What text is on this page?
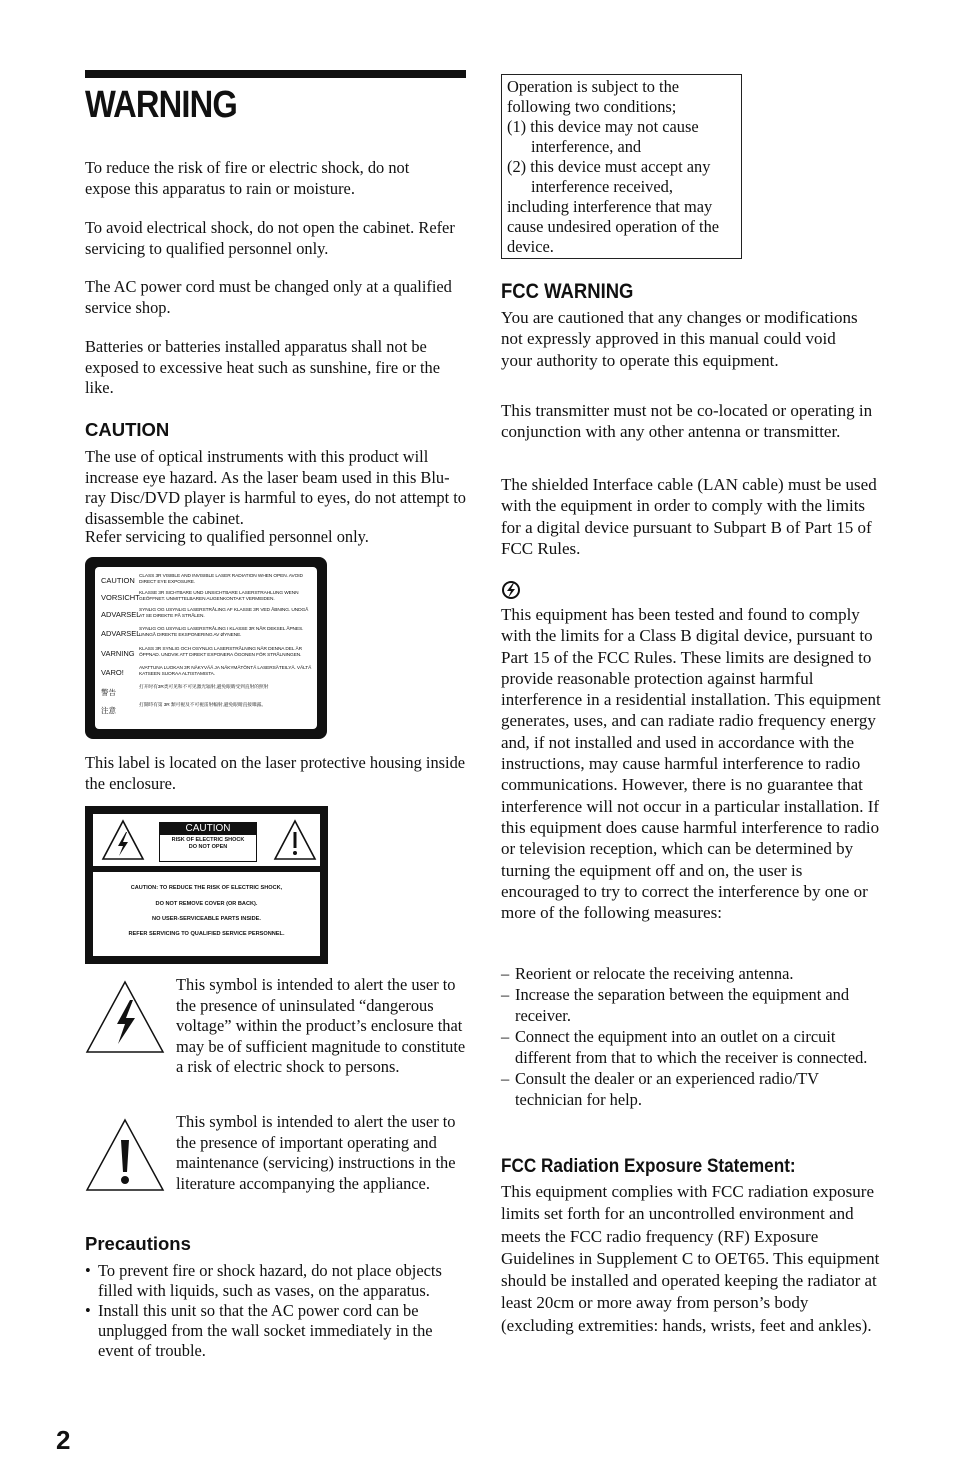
WARNING

To reduce the risk of fire or electric shock, do not expose this apparatus to rain or moisture.

To avoid electrical shock, do not open the cabinet. Refer servicing to qualified personnel only.

The AC power cord must be changed only at a qualified service shop.

Batteries or batteries installed apparatus shall not be exposed to excessive heat such as sunshine, fire or the like.

CAUTION

The use of optical instruments with this product will increase eye hazard. As the laser beam used in this Blu-ray Disc/DVD player is harmful to eyes, do not attempt to disassemble the cabinet.

Refer servicing to qualified personnel only.

CAUTION CLASS 3R VISIBLE AND INVISIBLE LASER RADIATION WHEN OPEN. AVOID DIRECT EYE EXPOSURE.
VORSICHT KLASSE 3R SICHTBARE UND UNSICHTBARE LASERSTRAHLUNG WENN GEÖFFNET. UNMITTELBAREN AUGENKONTAKT VERMEIDEN.
ADVARSEL
SYNLIG OG USYNLIG LASERSTRÅLING AF KLASSE 3R VED ÅBNING. UNDGÅ AT SE DIREKTE PÅ STRÅLEN.
ADVARSEL
SYNLIG OG USYNLIG LASERSTRÅLING I KLASSE 3R NÅR DEKSEL ÅPNES. UNNGÅ DIREKTE EKSPONERING AV ØYNENE.
VARNING KLASS 3R SYNLIG OCH OSYNLIG LASERSTRÅLNING NÄR DENNA DEL ÄR ÖPPNAD. UNDVIK ATT DIREKT EXPONERA ÖGONEN FÖR STRÅLNINGEN.
VARO!	AVATTUNA LUOKAN 3R NÄKYVÄÄ JA NÄKYMÄTÖNTÄ LASERSÄTEILYÄ. VÄLTÄ KATSEEN SUORAA ALTISTAMISTA.
警告
打开时有3R类可见和不可见激光辐射,避免眼睛受到直射的照射
注意
打開時有第 3R 類可視及不可視雷射輻射,避免眼睛直接曝露。

This label is located on the laser protective housing inside the enclosure.

CAUTION
RISK OF ELECTRIC SHOCK
DO NOT OPEN
CAUTION: TO REDUCE THE RISK OF ELECTRIC SHOCK,
DO NOT REMOVE COVER (OR BACK).
NO USER-SERVICEABLE PARTS INSIDE.
REFER SERVICING TO QUALIFIED SERVICE PERSONNEL.

This symbol is intended to alert the user to the presence of uninsulated “dangerous voltage” within the product’s enclosure that may be of sufficient magnitude to constitute a risk of electric shock to persons.

This symbol is intended to alert the user to the presence of important operating and maintenance (servicing) instructions in the literature accompanying the appliance.

Precautions
• To prevent fire or shock hazard, do not place objects filled with liquids, such as vases, on the apparatus.
• Install this unit so that the AC power cord can be unplugged from the wall socket immediately in the event of trouble.

Operation is subject to the following two conditions;

(1) this device may not cause

interference, and

(2) this device must accept any

interference received,

including interference that may cause undesired operation of the device.

FCC WARNING

You are cautioned that any changes or modifications not expressly approved in this manual could void your authority to operate this equipment.

This transmitter must not be co-located or operating in conjunction with any other antenna or transmitter.

The shielded Interface cable (LAN cable) must be used with the equipment in order to comply with the limits for a digital device pursuant to Subpart B of Part 15 of FCC Rules.

This equipment has been tested and found to comply with the limits for a Class B digital device, pursuant to Part 15 of the FCC Rules. These limits are designed to provide reasonable protection against harmful interference in a residential installation. This equipment generates, uses, and can radiate radio frequency energy and, if not installed and used in accordance with the instructions, may cause harmful interference to radio communications. However, there is no guarantee that interference will not occur in a particular installation. If this equipment does cause harmful interference to radio or television reception, which can be determined by turning the equipment off and on, the user is encouraged to try to correct the interference by one or more of the following measures:

– Reorient or relocate the receiving antenna.
– Increase the separation between the equipment and receiver.
– Connect the equipment into an outlet on a circuit different from that to which the receiver is connected.
– Consult the dealer or an experienced radio/TV technician for help.
FCC Radiation Exposure Statement:

This equipment complies with FCC radiation exposure limits set forth for an uncontrolled environment and meets the FCC radio frequency (RF) Exposure Guidelines in Supplement C to OET65. This equipment should be installed and operated keeping the radiator at least 20cm or more away from person’s body (excluding extremities: hands, wrists, feet and ankles).

2
